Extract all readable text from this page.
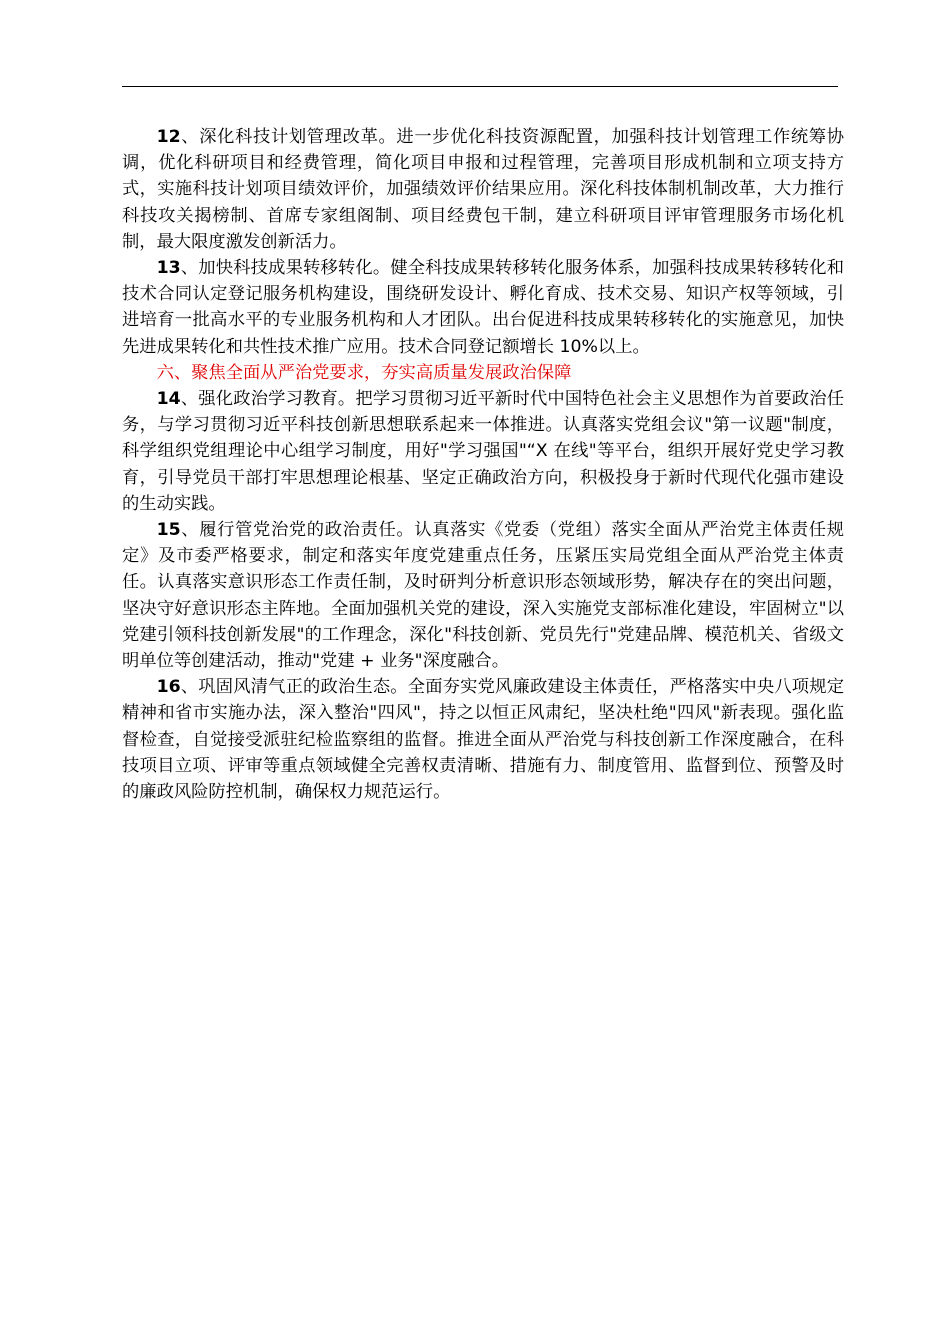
12、深化科技计划管理改革。进一步优化科技资源配置，加强科技计划管理工作统筹协调，优化科研项目和经费管理，简化项目申报和过程管理，完善项目形成机制和立项支持方式，实施科技计划项目绩效评价，加强绩效评价结果应用。深化科技体制机制改革，大力推行科技攻关揭榜制、首席专家组阁制、项目经费包干制，建立科研项目评审管理服务市场化机制，最大限度激发创新活力。

13、加快科技成果转移转化。健全科技成果转移转化服务体系，加强科技成果转移转化和技术合同认定登记服务机构建设，围绕研发设计、孵化育成、技术交易、知识产权等领域，引进培育一批高水平的专业服务机构和人才团队。出台促进科技成果转移转化的实施意见，加快先进成果转化和共性技术推广应用。技术合同登记额增长 10%以上。

六、聚焦全面从严治党要求，夯实高质量发展政治保障

14、强化政治学习教育。把学习贯彻习近平新时代中国特色社会主义思想作为首要政治任务，与学习贯彻习近平科技创新思想联系起来一体推进。认真落实党组会议"第一议题"制度，科学组织党组理论中心组学习制度，用好"学习强国"“X 在线"等平台，组织开展好党史学习教育，引导党员干部打牢思想理论根基、坚定正确政治方向，积极投身于新时代现代化强市建设的生动实践。

15、履行管党治党的政治责任。认真落实《党委（党组）落实全面从严治党主体责任规定》及市委严格要求，制定和落实年度党建重点任务，压紧压实局党组全面从严治党主体责任。认真落实意识形态工作责任制，及时研判分析意识形态领域形势，解决存在的突出问题，坚决守好意识形态主阵地。全面加强机关党的建设，深入实施党支部标准化建设，牢固树立"以党建引领科技创新发展"的工作理念，深化"科技创新、党员先行"党建品牌、模范机关、省级文明单位等创建活动，推动"党建 + 业务"深度融合。

16、巩固风清气正的政治生态。全面夯实党风廉政建设主体责任，严格落实中央八项规定精神和省市实施办法，深入整治"四风"，持之以恒正风肃纪，坚决杜绝"四风"新表现。强化监督检查，自觉接受派驻纪检监察组的监督。推进全面从严治党与科技创新工作深度融合，在科技项目立项、评审等重点领域健全完善权责清晰、措施有力、制度管用、监督到位、预警及时的廉政风险防控机制，确保权力规范运行。
